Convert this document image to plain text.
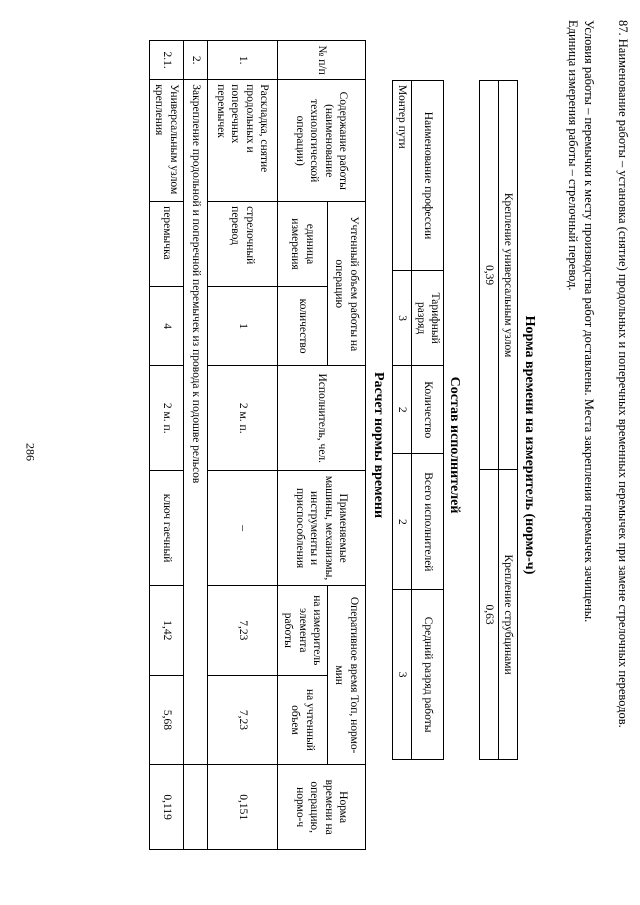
286	87. Наименование работы – установка (снятие) продольных и поперечных временных перемычек при замене стрелочных переводов.
Условия работы – перемычки к месту производства работ доставлены. Места закрепления перемычек зачищены.
Единица измерения работы – стрелочный перевод.
Норма времени на измеритель (нормо-ч)
Крепление универсальным узлом	Крепление струбцинами
0,39	0,63
Состав исполнителей
Наименование профессии	Тарифный разряд	Количество	Всего исполнителей	Средний разряд работы
Монтер пути	3	2	2	3
Расчет нормы времени
№ п/п	Содержание работы (наименование технологической операции)	Учтенный объем работы на операцию		Исполнитель, чел.	Применяемые машины, механизмы, инструменты и приспособления	Оперативное время Топ, нормо-мин		Норма времени на операцию, нормо-ч
		единица измерения	количество			на измеритель элемента работы	на учтенный объем	
1.	Раскладка, снятие продольных и поперечных перемычек	стрелочный перевод	1	2 м. п.	–	7,23	7,23	0,151
2.	Закрепление продольной и поперечной перемычек из провода к подошве рельсов							
2.1.	Универсальным узлом крепления	перемычка	4	2 м. п.	ключ гаечный	1,42	5,68	0,119
